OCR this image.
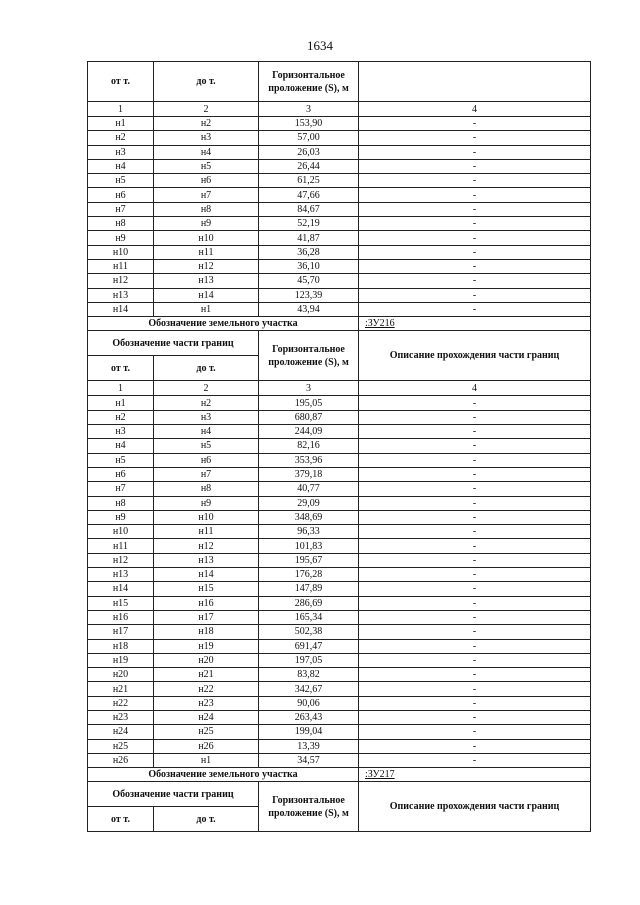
1634
от т.	до т.	Горизонтальное проложение (S), м	
1	2	3	4
н1	н2	153,90	-
н2	н3	57,00	-
н3	н4	26,03	-
н4	н5	26,44	-
н5	н6	61,25	-
н6	н7	47,66	-
н7	н8	84,67	-
н8	н9	52,19	-
н9	н10	41,87	-
н10	н11	36,28	-
н11	н12	36,10	-
н12	н13	45,70	-
н13	н14	123,39	-
н14	н1	43,94	-
Обозначение земельного участка			:ЗУ216
Обозначение части границ		Горизонтальное проложение (S), м	Описание прохождения части границ
от т.	до т.		
1	2	3	4
н1	н2	195,05	-
н2	н3	680,87	-
н3	н4	244,09	-
н4	н5	82,16	-
н5	н6	353,96	-
н6	н7	379,18	-
н7	н8	40,77	-
н8	н9	29,09	-
н9	н10	348,69	-
н10	н11	96,33	-
н11	н12	101,83	-
н12	н13	195,67	-
н13	н14	176,28	-
н14	н15	147,89	-
н15	н16	286,69	-
н16	н17	165,34	-
н17	н18	502,38	-
н18	н19	691,47	-
н19	н20	197,05	-
н20	н21	83,82	-
н21	н22	342,67	-
н22	н23	90,06	-
н23	н24	263,43	-
н24	н25	199,04	-
н25	н26	13,39	-
н26	н1	34,57	-
Обозначение земельного участка			:ЗУ217
Обозначение части границ		Горизонтальное проложение (S), м	Описание прохождения части границ
от т.	до т.		
